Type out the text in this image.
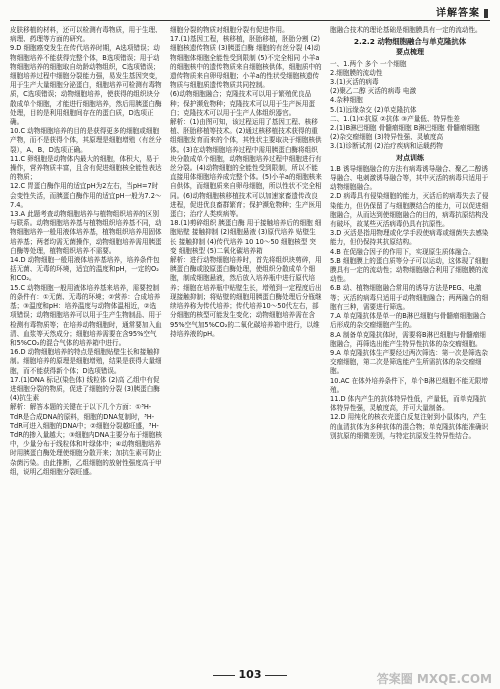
详解答案

皮肤移植的材料，还可以检测有毒物质，用于生理、病理、药理等方面的研究。

9.D 细胞癌变发生在传代培养时期，A选项错误；动物细胞培养不能获得完整个体，B选项错误；用于动物细胞培养的细胞取自幼龄动物组织，C选项错误；细胞培养过程中细胞分裂能力强，易发生基因突变，用于生产大量细胞分泌蛋白，细胞培养可检测有毒物质，C选项错误；动物细胞培养，使获得的组织块分散成单个细胞，才能进行细胞培养，然后用胰蛋白酶处理，目的是利用细胞间存在的蛋白质，D选项正确。

10.C 动物细胞培养的目的是获得更多的细胞或细胞产物，而不是获得个体，其原理是细胞增殖（有丝分裂），A、B、D选项正确。

11.C 卵细胞是动物体内最大的细胞，体积大，易于操作，营养物质丰富，且含有促进细胞核全能性表达的物质；

12.C 胃蛋白酶作用的适宜pH为2左右，当pH=7时会变性失活，而胰蛋白酶作用的适宜pH一般为7.2～7.4。

13.A 此题考查动物细胞培养与植物组织培养的区别与联系。动物细胞培养基与植物组织培养基不同，动物细胞培养一般用液体培养基，植物组织培养用固体培养基；两者均需无菌操作，动物细胞培养需用胰蛋白酶等处理，植物组织培养不需要。

14.D 动物细胞一般用液体培养基培养，培养条件包括无菌、无毒的环境，适宜的温度和pH，一定的O₂和CO₂。

15.C 动物细胞一般用液体培养基来培养，需要控制的条件有：①无菌、无毒的环境；②营养：合成培养基；③温度和pH：培养温度与动物体温相近，②选项错误；动物细胞培养可以用于生产生物制品、用于检测有毒物质等；在培养动物细胞时，通常要加入血清、血浆等天然成分；细胞培养需要在含95%空气和5%CO₂的混合气体的培养箱中进行。

16.D 动物细胞培养的特点是细胞贴壁生长和接触抑制。细胞培养的原理是细胞增殖，结果是获得大量细胞，而不能获得新个体；D选项错误。

17.(1)DNA 标记(染色体) 线粒体 (2)高 乙组中有促进细胞分裂的物质，促进了细胞的分裂 (3)胰蛋白酶 (4)抗生素

解析：解答本题的关键在于以下几个方面：①³H-TdR是合成DNA的原料，细胞的DNA复制时，³H-TdR可进入细胞的DNA中；②细胞分裂越旺盛，³H-TdR的掺入量越大；③细胞内DNA主要分布于细胞核中，少量分布于线粒体和叶绿体中；④动物细胞培养时用胰蛋白酶处理使细胞分散开来；加抗生素可防止杂菌污染。由此推断，乙组细胞的放射性强度高于甲组，说明乙组细胞分裂旺盛。

细胞分裂的物质对细胞分裂有促进作用。

17.(1)基因工程，核移植，胚胎移植，胚胎分割 (2)细胞核遗传物质 (3)胰蛋白酶 细胞的有丝分裂 (4)动物细胞体细胞全能性受到限制 (5)不完全相同 小羊a的细胞核中的遗传物质来自细胞核供体，细胞质中的遗传物质来自卵母细胞；小羊a的性状受细胞核遗传物质与细胞质遗传物质共同控制。

(6)动物细胞融合；克隆技术可以用于繁殖优良品种；保护濒危物种；克隆技术可以用于生产医用蛋白；克隆技术可以用于生产人体组织器官。

解析：(1)由图可知，该过程运用了基因工程、核移植、胚胎移植等技术。(2)通过核移植技术获得的重组细胞发育而来的个体，其性状主要取决于细胞核供体。(3)在动物细胞培养过程中需用胰蛋白酶将组织块分散成单个细胞，动物细胞培养过程中细胞进行有丝分裂。(4)动物细胞的全能性受到限制，所以不能直接用体细胞培养成完整个体。(5)小羊a的细胞核来自供体，而细胞质来自卵母细胞，所以性状不完全相同。(6)动物细胞核移植技术可以加速家畜遗传改良进程，促进优良畜群繁育；保护濒危物种；生产医用蛋白；治疗人类疾病等。

18.(1)剪碎组织 胰蛋白酶 用于接触培养后的细胞 细胞贴壁 接触抑制 (2)细胞悬液 (3)原代培养 贴壁生长 接触抑制 (4)传代培养 10 10～50 细胞核型 突变 细胞核型 (5)二氧化碳培养箱

解析：进行动物细胞培养时，首先将组织块剪碎，用胰蛋白酶或胶原蛋白酶处理，使组织分散成单个细胞，制成细胞悬液，然后放入培养瓶中进行原代培养；细胞在培养瓶中贴壁生长，增殖到一定程度后出现接触抑制；将贴壁的细胞用胰蛋白酶处理后分瓶继续培养称为传代培养；传代培养10～50代左右，部分细胞的核型可能发生变化；动物细胞培养需在含95%空气加5%CO₂的二氧化碳培养箱中进行，以维持培养液的pH。

胞融合技术的理论基础是细胞膜具有一定的流动性。

2.2.2 动物细胞融合与单克隆抗体

要点梳理

一、1.两个 多个 一个细胞

2.细胞膜的流动性

3.(1)灭活的病毒

(2)聚乙二醇 灭活的病毒 电激

4.杂种细胞

5.(1)远缘杂交 (2)单克隆抗体

二、1.(1)①抗原 ②抗体 ③产量低、特异性差

2.(1)B淋巴细胞 骨髓瘤细胞 B淋巴细胞 骨髓瘤细胞 (2)杂交瘤细胞 (3)特异性强、灵敏度高

3.(1)诊断试剂 (2)治疗疾病和运载药物

对点训练

1.B 诱导细胞融合的方法有病毒诱导融合、聚乙二醇诱导融合、电刺激诱导融合等，其中灭活的病毒只适用于动物细胞融合。

2.D 病毒具有侵染细胞的能力，灭活后的病毒失去了侵染能力，但仍保留了与细胞膜结合的能力，可以促进细胞融合，从而达到使细胞融合的目的，病毒抗原结构没有破坏，故某些灭活病毒仍具有抗原性。

3.D 灭活是指用物理或化学手段使病毒或细菌失去感染能力，但仍保持其抗原结构。

4.B 在促融合因子的作用下，实现原生质体融合。

5.B 细胞膜上的蛋白质等分子可以运动，这体现了细胞膜具有一定的流动性；动物细胞融合利用了细胞膜的流动性。

6.B 动、植物细胞融合常用的诱导方法是PEG、电激等；灭活的病毒只适用于动物细胞融合；两两融合的细胞有三种，需要进行筛选。

7.A 单克隆抗体是单一的B淋巴细胞与骨髓瘤细胞融合后形成的杂交瘤细胞产生的。

8.A 制备单克隆抗体时，需要将B淋巴细胞与骨髓瘤细胞融合，再筛选出能产生特异性抗体的杂交瘤细胞。

9.A 单克隆抗体生产要经过两次筛选：第一次是筛选杂交瘤细胞，第二次是筛选能产生所需抗体的杂交瘤细胞。

10.AC 在体外培养条件下，单个B淋巴细胞不能无限增殖。

11.D 体内产生的抗体特异性低，产量低，而单克隆抗体特异性强，灵敏度高，并可大量制备。

12.D 用纯化的核衣壳蛋白反复注射到小鼠体内，产生的血清抗体为多种抗体的混合物；单克隆抗体能准确识别抗原的细微差别，与特定抗原发生特异性结合。

103	答案圈 MXQE.COM
